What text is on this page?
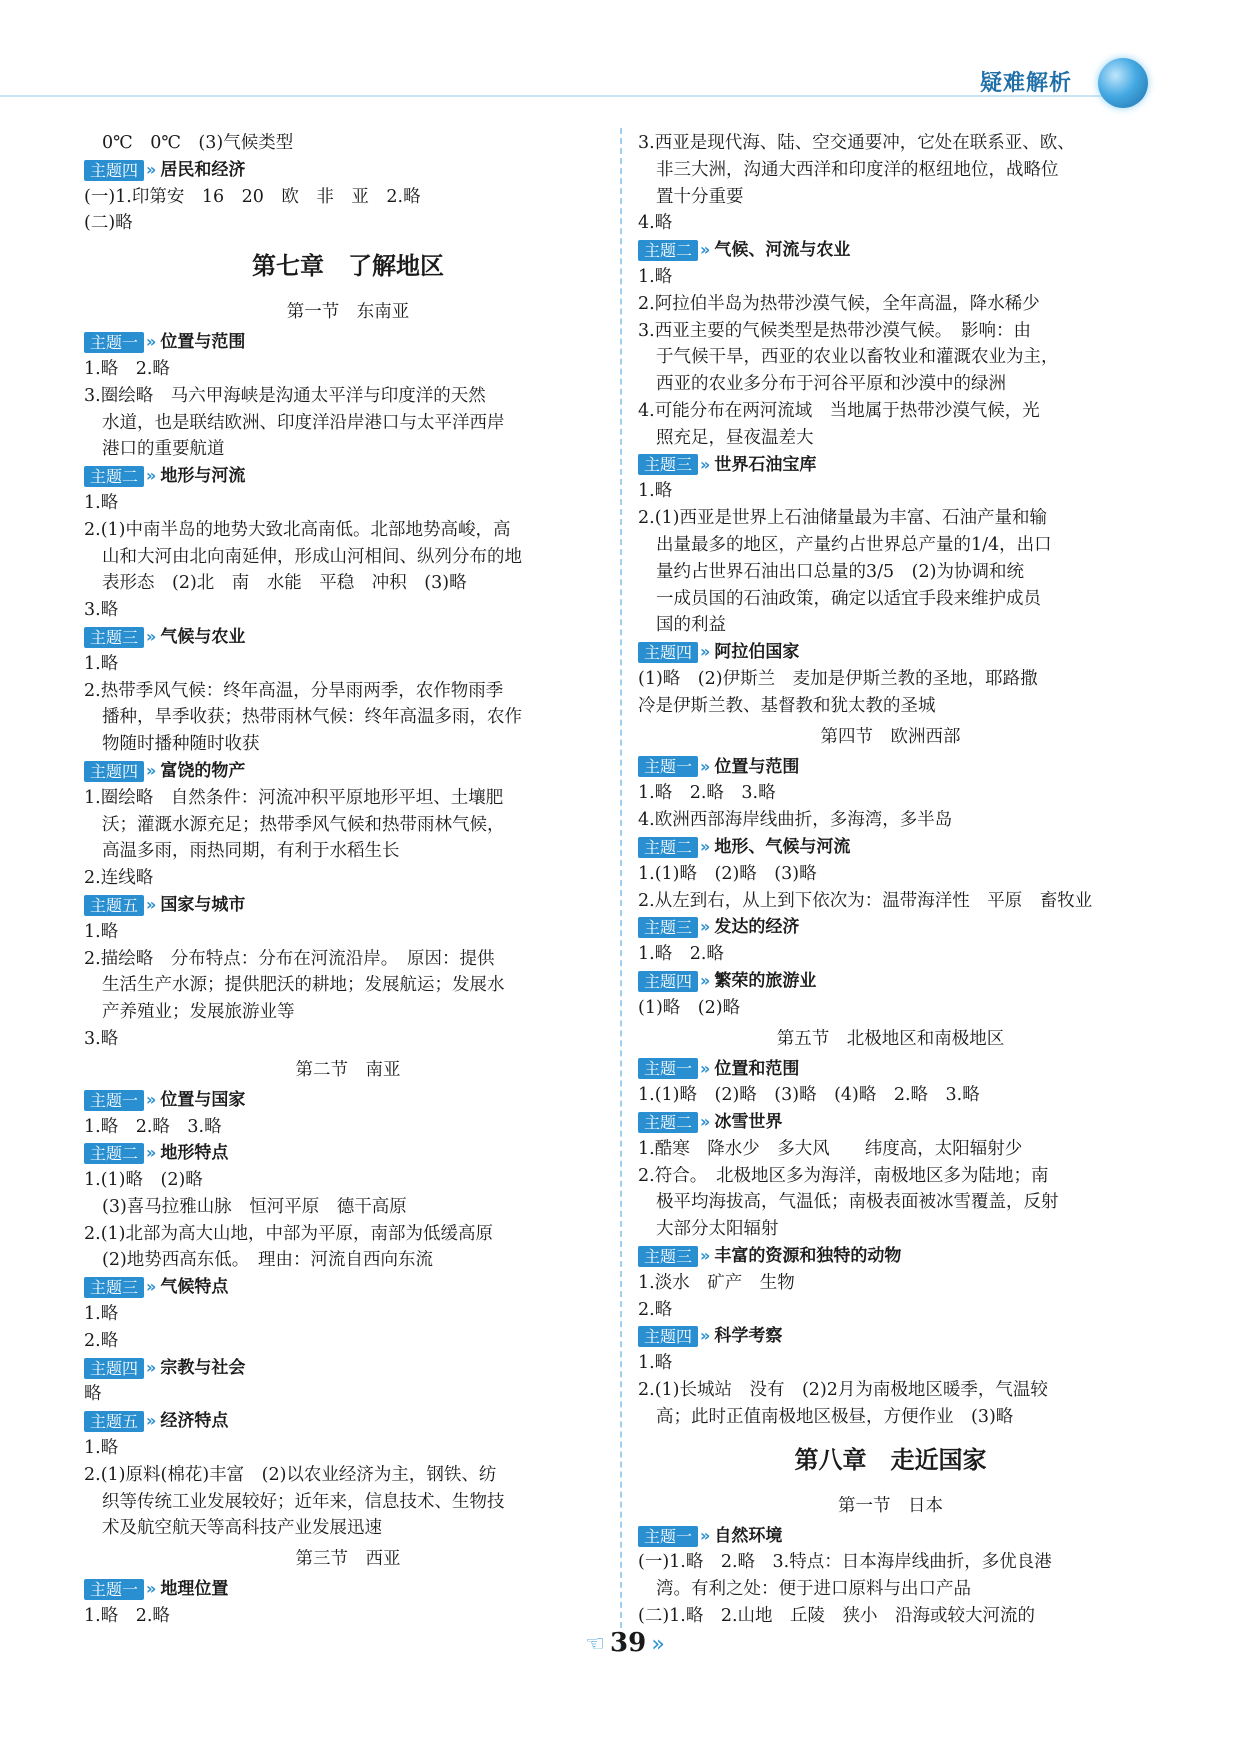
疑难解析
0℃　0℃　(3)气候类型
主题四 » 居民和经济
(一)1.印第安　16　20　欧　非　亚　2.略
(二)略
第七章　了解地区
第一节　东南亚
主题一 » 位置与范围
1.略　2.略
3.圈绘略　马六甲海峡是沟通太平洋与印度洋的天然
水道，也是联结欧洲、印度洋沿岸港口与太平洋西岸
港口的重要航道
主题二 » 地形与河流
1.略
2.(1)中南半岛的地势大致北高南低。北部地势高峻，高
山和大河由北向南延伸，形成山河相间、纵列分布的地
表形态　(2)北　南　水能　平稳　冲积　(3)略
3.略
主题三 » 气候与农业
1.略
2.热带季风气候：终年高温，分旱雨两季，农作物雨季
播种，旱季收获；热带雨林气候：终年高温多雨，农作
物随时播种随时收获
主题四 » 富饶的物产
1.圈绘略　自然条件：河流冲积平原地形平坦、土壤肥
沃；灌溉水源充足；热带季风气候和热带雨林气候，
高温多雨，雨热同期，有利于水稻生长
2.连线略
主题五 » 国家与城市
1.略
2.描绘略　分布特点：分布在河流沿岸。　原因：提供
生活生产水源；提供肥沃的耕地；发展航运；发展水
产养殖业；发展旅游业等
3.略
第二节　南亚
主题一 » 位置与国家
1.略　2.略　3.略
主题二 » 地形特点
1.(1)略　(2)略
(3)喜马拉雅山脉　恒河平原　德干高原
2.(1)北部为高大山地，中部为平原，南部为低缓高原
(2)地势西高东低。　理由：河流自西向东流
主题三 » 气候特点
1.略
2.略
主题四 » 宗教与社会
略
主题五 » 经济特点
1.略
2.(1)原料(棉花)丰富　(2)以农业经济为主，钢铁、纺
织等传统工业发展较好；近年来，信息技术、生物技
术及航空航天等高科技产业发展迅速
第三节　西亚
主题一 » 地理位置
1.略　2.略
3.西亚是现代海、陆、空交通要冲，它处在联系亚、欧、
非三大洲，沟通大西洋和印度洋的枢纽地位，战略位
置十分重要
4.略
主题二 » 气候、河流与农业
1.略
2.阿拉伯半岛为热带沙漠气候，全年高温，降水稀少
3.西亚主要的气候类型是热带沙漠气候。　影响：由
于气候干旱，西亚的农业以畜牧业和灌溉农业为主，
西亚的农业多分布于河谷平原和沙漠中的绿洲
4.可能分布在两河流域　当地属于热带沙漠气候，光
照充足，昼夜温差大
主题三 » 世界石油宝库
1.略
2.(1)西亚是世界上石油储量最为丰富、石油产量和输
出量最多的地区，产量约占世界总产量的1/4，出口
量约占世界石油出口总量的3/5　(2)为协调和统
一成员国的石油政策，确定以适宜手段来维护成员
国的利益
主题四 » 阿拉伯国家
(1)略　(2)伊斯兰　麦加是伊斯兰教的圣地，耶路撒
冷是伊斯兰教、基督教和犹太教的圣城
第四节　欧洲西部
主题一 » 位置与范围
1.略　2.略　3.略
4.欧洲西部海岸线曲折，多海湾，多半岛
主题二 » 地形、气候与河流
1.(1)略　(2)略　(3)略
2.从左到右，从上到下依次为：温带海洋性　平原　畜牧业
主题三 » 发达的经济
1.略　2.略
主题四 » 繁荣的旅游业
(1)略　(2)略
第五节　北极地区和南极地区
主题一 » 位置和范围
1.(1)略　(2)略　(3)略　(4)略　2.略　3.略
主题二 » 冰雪世界
1.酷寒　降水少　多大风　　纬度高，太阳辐射少
2.符合。　北极地区多为海洋，南极地区多为陆地；南
极平均海拔高，气温低；南极表面被冰雪覆盖，反射
大部分太阳辐射
主题三 » 丰富的资源和独特的动物
1.淡水　矿产　生物
2.略
主题四 » 科学考察
1.略
2.(1)长城站　没有　(2)2月为南极地区暖季，气温较
高；此时正值南极地区极昼，方便作业　(3)略
第八章　走近国家
第一节　日本
主题一 » 自然环境
(一)1.略　2.略　3.特点：日本海岸线曲折，多优良港
湾。有利之处：便于进口原料与出口产品
(二)1.略　2.山地　丘陵　狭小　沿海或较大河流的
☜ 39 »
